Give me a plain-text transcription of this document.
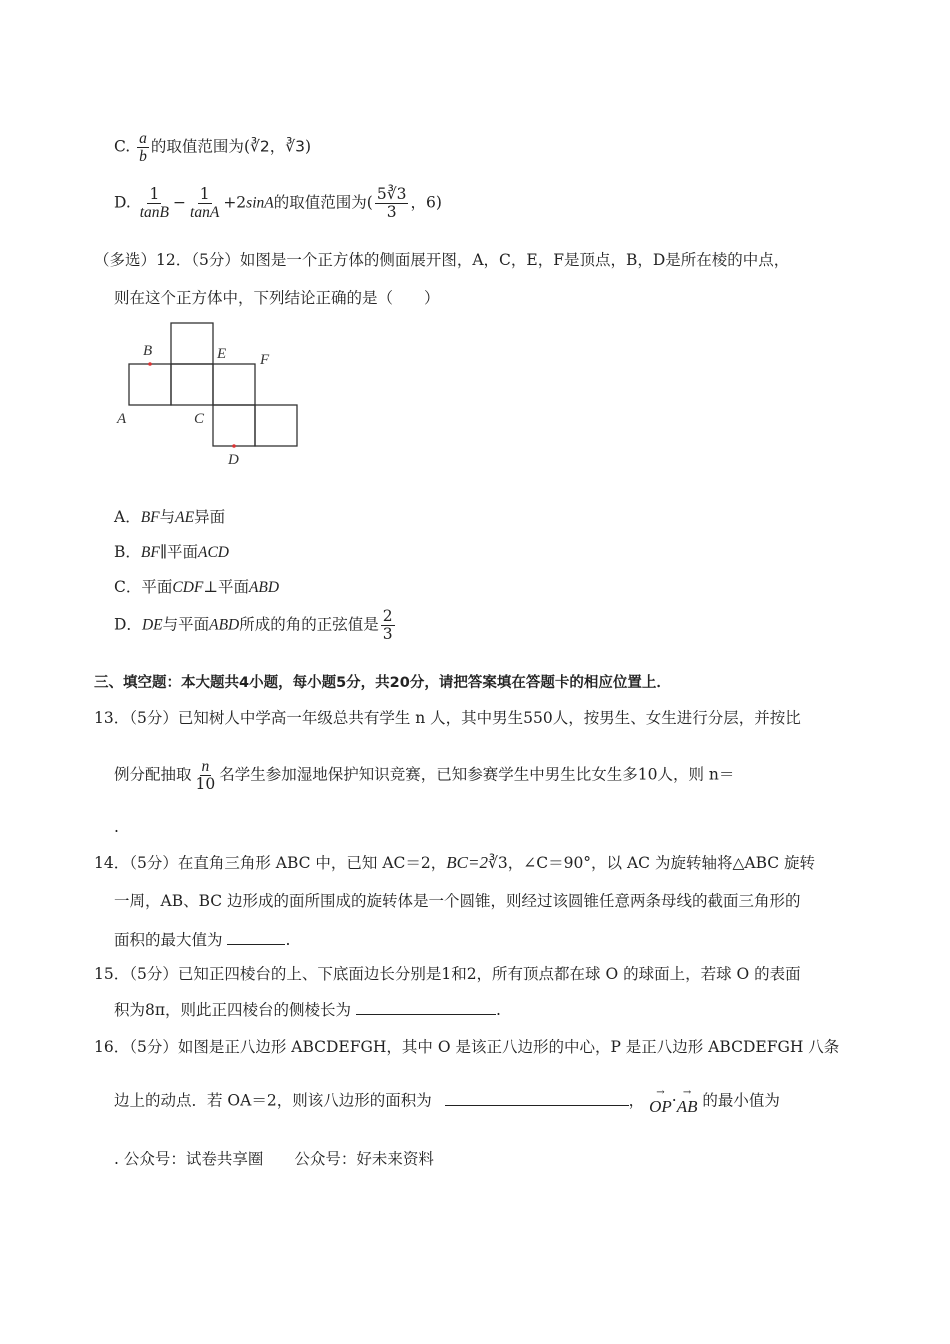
C. $\frac{a}{b}$ 的取值范围为(∛2，∛3)
D. $\frac{1}{\tan B} - \frac{1}{\tan A} +2\sin A$的取值范围为( $\frac{5∛3}{3}$ ，6)
（多选）12．（5分）如图是一个正方体的侧面展开图，A，C，E，F是顶点，B，D是所在棱的中点，
则在这个正方体中，下列结论正确的是（　　）
B	E F
A	C
D
A．BF与AE异面
B．BF∥平面ACD
C．平面CDF⊥平面ABD
D．DE与平面ABD所成的角的正弦值是 $\frac{2}{3}$
三、填空题：本大题共4小题，每小题5分，共20分，请把答案填在答题卡的相应位置上．
13．（5分）已知树人中学高一年级总共有学生 n 人，其中男生550人，按男生、女生进行分层，并按比
例分配抽取 $\frac{n}{10}$ 名学生参加湿地保护知识竞赛，已知参赛学生中男生比女生多10人，则 n＝
.
14．（5分）在直角三角形 ABC 中，已知 AC＝2，BC=2∛3，∠C＝90°，以 AC 为旋转轴将△ABC 旋转
一周，AB、BC 边形成的面所围成的旋转体是一个圆锥，则经过该圆锥任意两条母线的截面三角形的
面积的最大值为	.
15．（5分）已知正四棱台的上、下底面边长分别是1和2，所有顶点都在球 O 的球面上，若球 O 的表面
积为8π，则此正四棱台的侧棱长为	.
16．（5分）如图是正八边形 ABCDEFGH，其中 O 是该正八边形的中心，P 是正八边形 ABCDEFGH 八条
边上的动点．若 OA＝2，则该八边形的面积为	， →
OP · →
AB 的最小值为
. 公众号：试卷共享圈　　公众号：好未来资料
